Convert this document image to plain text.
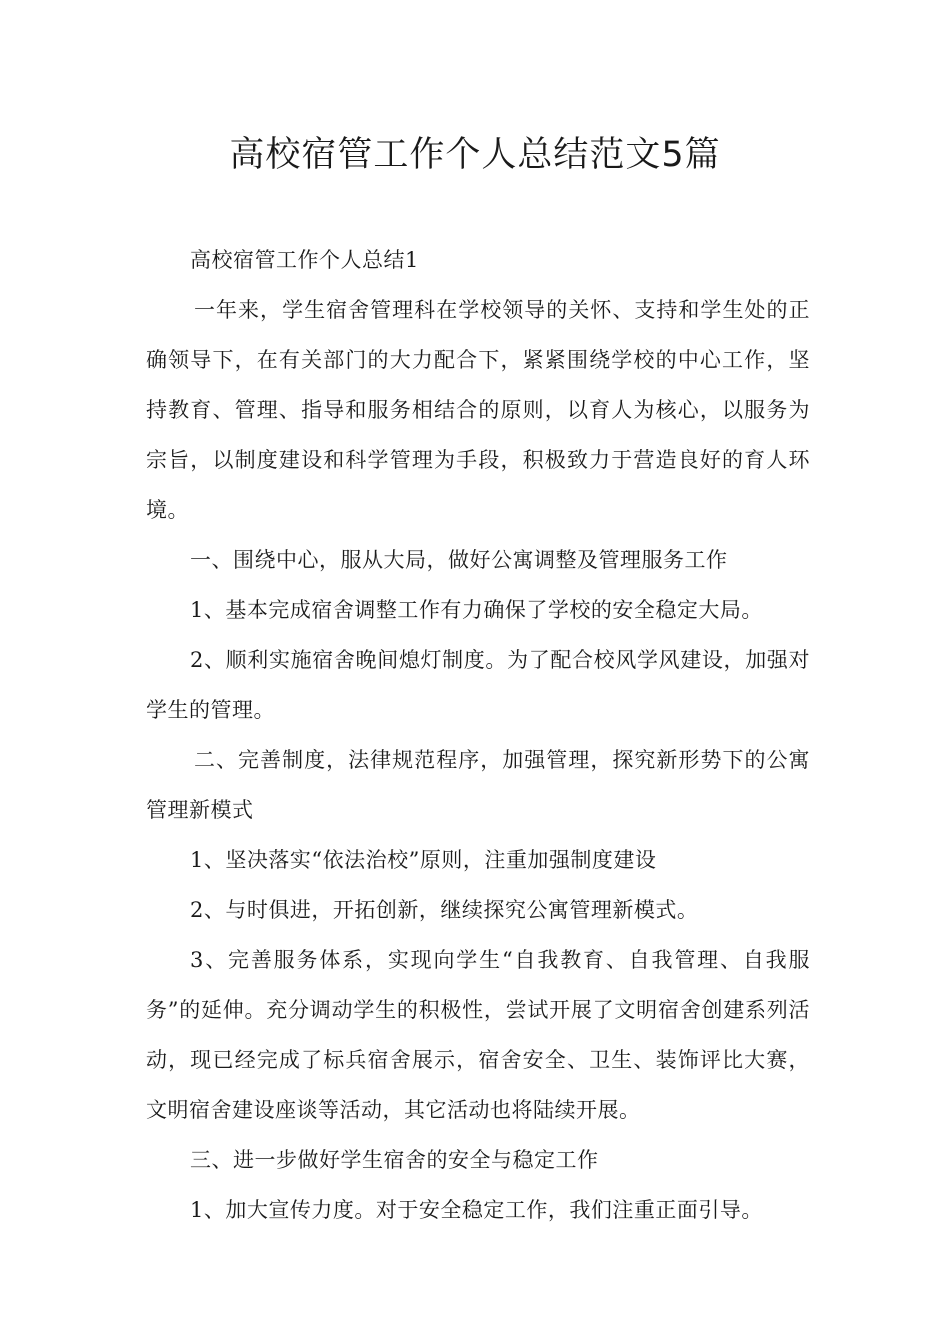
高校宿管工作个人总结范文5篇

高校宿管工作个人总结1

一年来，学生宿舍管理科在学校领导的关怀、支持和学生处的正确领导下，在有关部门的大力配合下，紧紧围绕学校的中心工作，坚持教育、管理、指导和服务相结合的原则，以育人为核心，以服务为宗旨，以制度建设和科学管理为手段，积极致力于营造良好的育人环境。

一、围绕中心，服从大局，做好公寓调整及管理服务工作

1、基本完成宿舍调整工作有力确保了学校的安全稳定大局。

2、顺利实施宿舍晚间熄灯制度。为了配合校风学风建设，加强对学生的管理。

二、完善制度，法律规范程序，加强管理，探究新形势下的公寓管理新模式

1、坚决落实“依法治校”原则，注重加强制度建设

2、与时俱进，开拓创新，继续探究公寓管理新模式。

3、完善服务体系，实现向学生“自我教育、自我管理、自我服务”的延伸。充分调动学生的积极性，尝试开展了文明宿舍创建系列活动，现已经完成了标兵宿舍展示，宿舍安全、卫生、装饰评比大赛，文明宿舍建设座谈等活动，其它活动也将陆续开展。

三、进一步做好学生宿舍的安全与稳定工作

1、加大宣传力度。对于安全稳定工作，我们注重正面引导。
